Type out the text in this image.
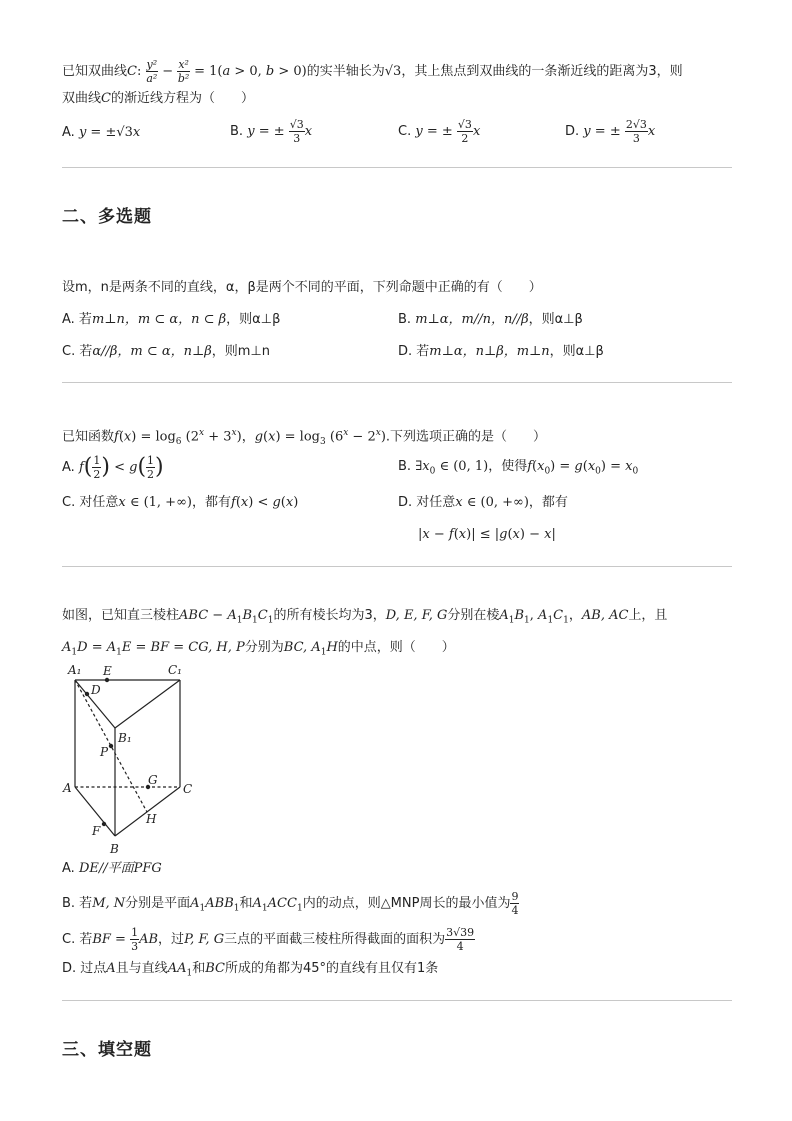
已知双曲线C: $\frac{\text{y²}}{\text{a²}} - \frac{\text{x²}}{\text{b²}} = 1(a > 0$, b > 0)的实半轴长为√3，其上焦点到双曲线的一条渐近线的距离为3，则
双曲线C的渐近线方程为（　　）
A. y = ±√3x	B. y = ± $\frac{√3}{3}$ x	C. y = ± $\frac{√3}{2}$ x	D. y = ± $\frac{2√3}{3}$ x
二、多选题
设m，n是两条不同的直线，α，β是两个不同的平面，下列命题中正确的有（　　）
A. 若m⊥n，m ⊂ α，n ⊂ β，则α⊥β	B. m⊥α，m//n，n//β，则α⊥β
C. 若α//β，m ⊂ α，n⊥β，则m⊥n	D. 若m⊥α，n⊥β，m⊥n，则α⊥β
已知函数$f(x) = \log_6 (2^x + 3^x)$，$g(x) = \log_3 (6^x - 2^x)$.下列选项正确的是（　　）
A. $f( \frac{1}{2}$ ) < $g( \frac{1}{2}$ )	B. $\exists x_0$ ∈ (0, 1)，使得$f(x_0) = g(x_0) = x_0$
C. 对任意x ∈ (1, +∞)，都有f(x) < g(x)	D. 对任意x ∈ (0, +∞)，都有
|x − f(x)| ≤ |g(x) − x|
如图，已知直三棱柱ABC − $A_1B_1C_1$的所有棱长均为3，D, E, F, G分别在棱$A_1B_1$, $A_1C_1$，AB, AC上，且
$A_1D = A_1E$ = BF = CG, H, P分别为BC, $A_1H$的中点，则（　　）
A₁ E	C₁
D
B₁
P
A
G
C
F
H
B
A. DE//平面PFG
B. 若M, N分别是平面$A_1ABB_1$和$A_1ACC_1$内的动点，则△MNP周长的最小值为 $\frac{9}{4}$
C. 若BF = $\frac{1}{3}$ AB，过P, F, G三点的平面截三棱柱所得截面的面积为 $\frac{3√39}{4}$
D. 过点A且与直线$AA_1$和BC所成的角都为45°的直线有且仅有1条
三、填空题
